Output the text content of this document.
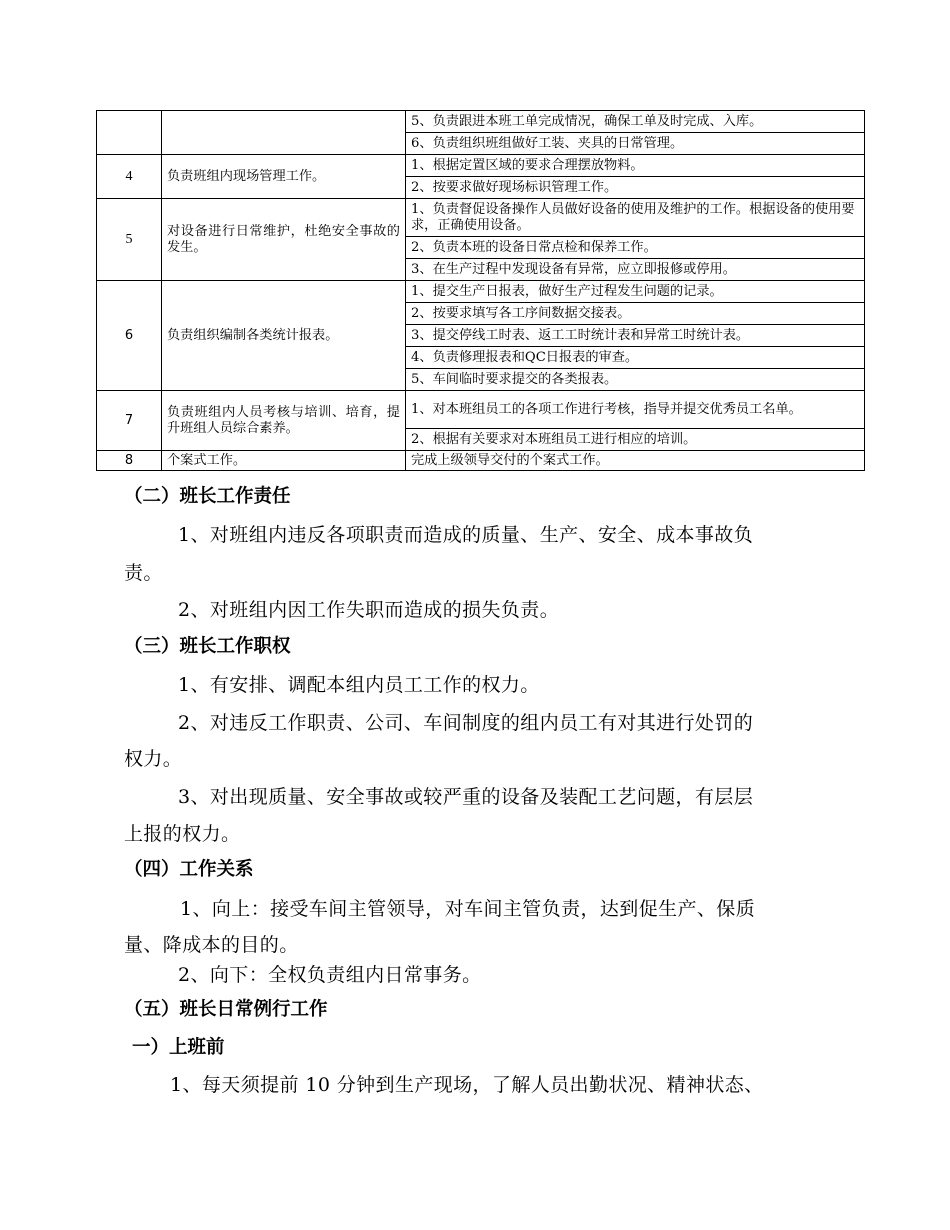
		5、负责跟进本班工单完成情况，确保工单及时完成、入库。
		6、负责组织班组做好工装、夹具的日常管理。
4	负责班组内现场管理工作。	1、根据定置区域的要求合理摆放物料。
		2、按要求做好现场标识管理工作。
5	对设备进行日常维护，杜绝安全事故的发生。	1、负责督促设备操作人员做好设备的使用及维护的工作。根据设备的使用要求，正确使用设备。
		2、负责本班的设备日常点检和保养工作。
		3、在生产过程中发现设备有异常，应立即报修或停用。
6	负责组织编制各类统计报表。	1、提交生产日报表，做好生产过程发生问题的记录。
		2、按要求填写各工序间数据交接表。
		3、提交停线工时表、返工工时统计表和异常工时统计表。
		4、负责修理报表和QC日报表的审查。
		5、车间临时要求提交的各类报表。
7	负责班组内人员考核与培训、培育，提升班组人员综合素养。	1、对本班组员工的各项工作进行考核，指导并提交优秀员工名单。
		2、根据有关要求对本班组员工进行相应的培训。
8	个案式工作。	完成上级领导交付的个案式工作。
（二）班长工作责任
1、对班组内违反各项职责而造成的质量、生产、安全、成本事故负
责。
2、对班组内因工作失职而造成的损失负责。
（三）班长工作职权
1、有安排、调配本组内员工工作的权力。
2、对违反工作职责、公司、车间制度的组内员工有对其进行处罚的
权力。
3、对出现质量、安全事故或较严重的设备及装配工艺问题，有层层
上报的权力。
（四）工作关系
1、向上：接受车间主管领导，对车间主管负责，达到促生产、保质
量、降成本的目的。
2、向下：全权负责组内日常事务。
（五）班长日常例行工作
一）上班前
1、每天须提前 10 分钟到生产现场，了解人员出勤状况、精神状态、
